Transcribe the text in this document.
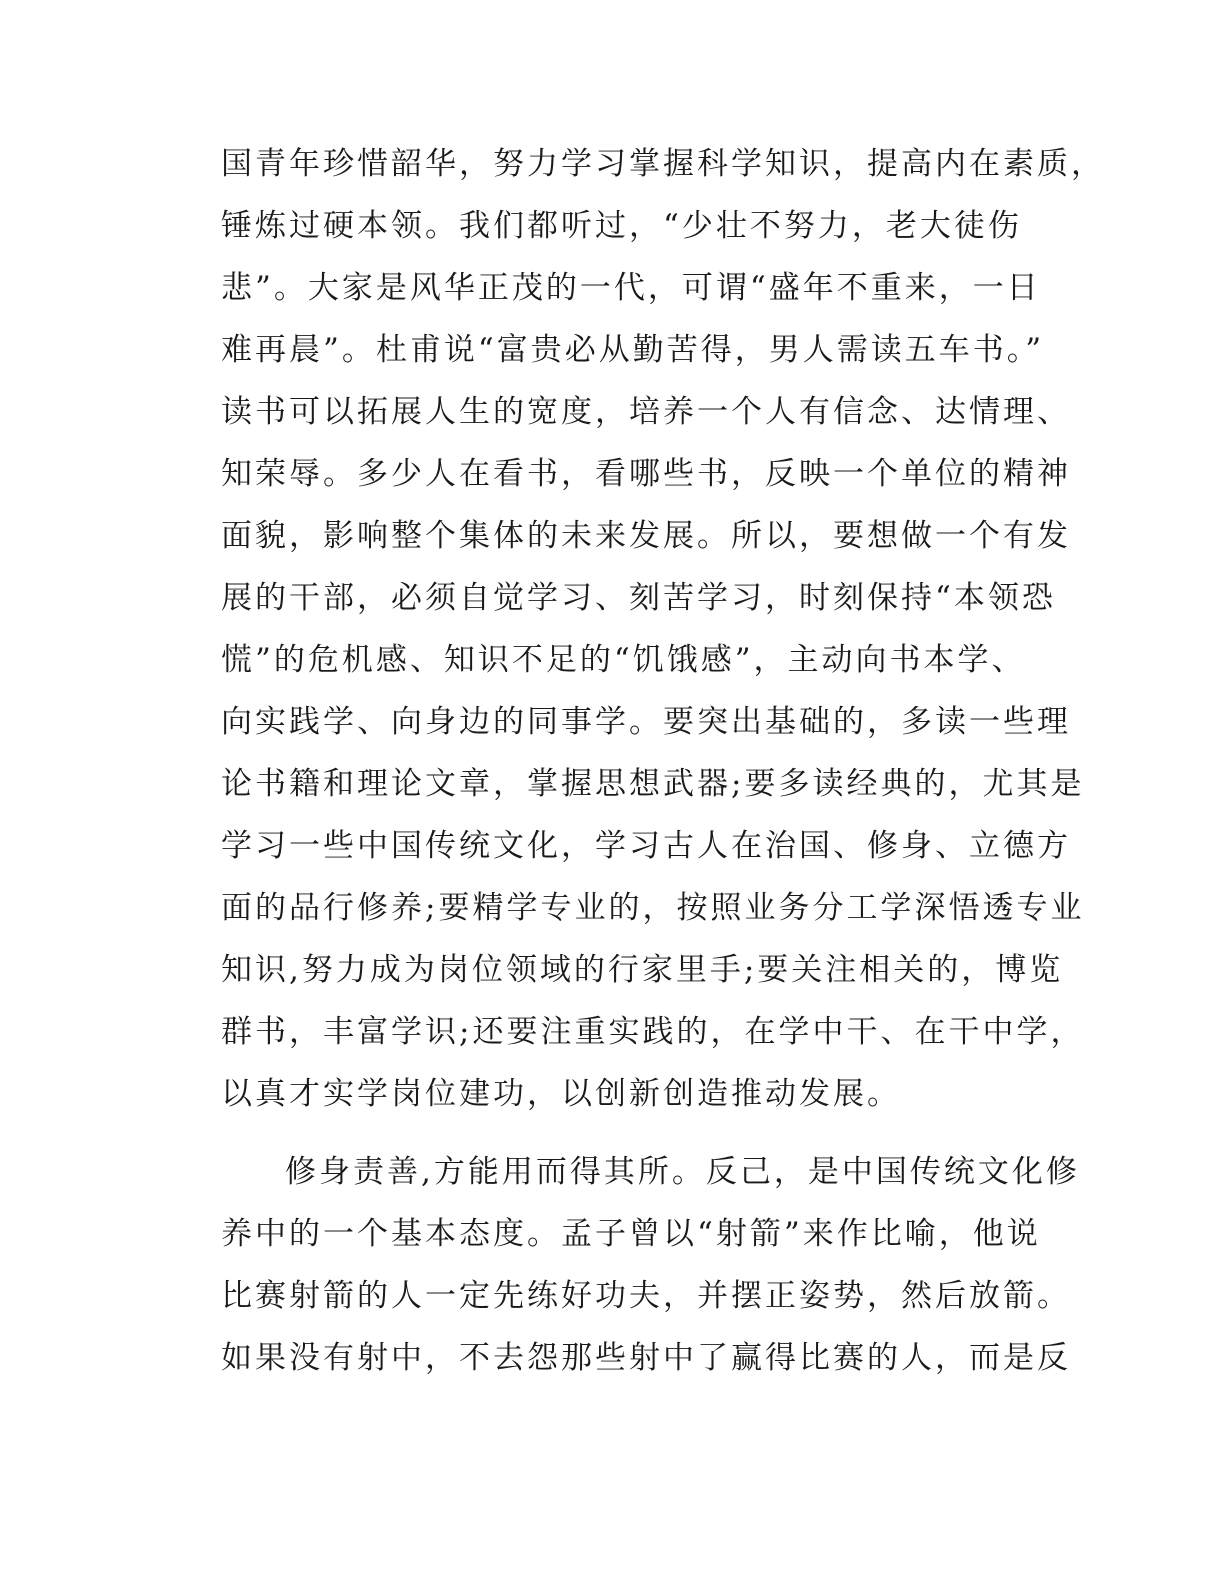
国青年珍惜韶华，努力学习掌握科学知识，提高内在素质，
锤炼过硬本领。我们都听过，“少壮不努力，老大徒伤
悲”。大家是风华正茂的一代，可谓“盛年不重来，一日
难再晨”。杜甫说“富贵必从勤苦得，男人需读五车书。”
读书可以拓展人生的宽度，培养一个人有信念、达情理、
知荣辱。多少人在看书，看哪些书，反映一个单位的精神
面貌，影响整个集体的未来发展。所以，要想做一个有发
展的干部，必须自觉学习、刻苦学习，时刻保持“本领恐
慌”的危机感、知识不足的“饥饿感”，主动向书本学、
向实践学、向身边的同事学。要突出基础的，多读一些理
论书籍和理论文章，掌握思想武器;要多读经典的，尤其是
学习一些中国传统文化，学习古人在治国、修身、立德方
面的品行修养;要精学专业的，按照业务分工学深悟透专业
知识,努力成为岗位领域的行家里手;要关注相关的，博览
群书，丰富学识;还要注重实践的，在学中干、在干中学，
以真才实学岗位建功，以创新创造推动发展。
修身责善,方能用而得其所。反己，是中国传统文化修
养中的一个基本态度。孟子曾以“射箭”来作比喻，他说
比赛射箭的人一定先练好功夫，并摆正姿势，然后放箭。
如果没有射中，不去怨那些射中了赢得比赛的人，而是反
